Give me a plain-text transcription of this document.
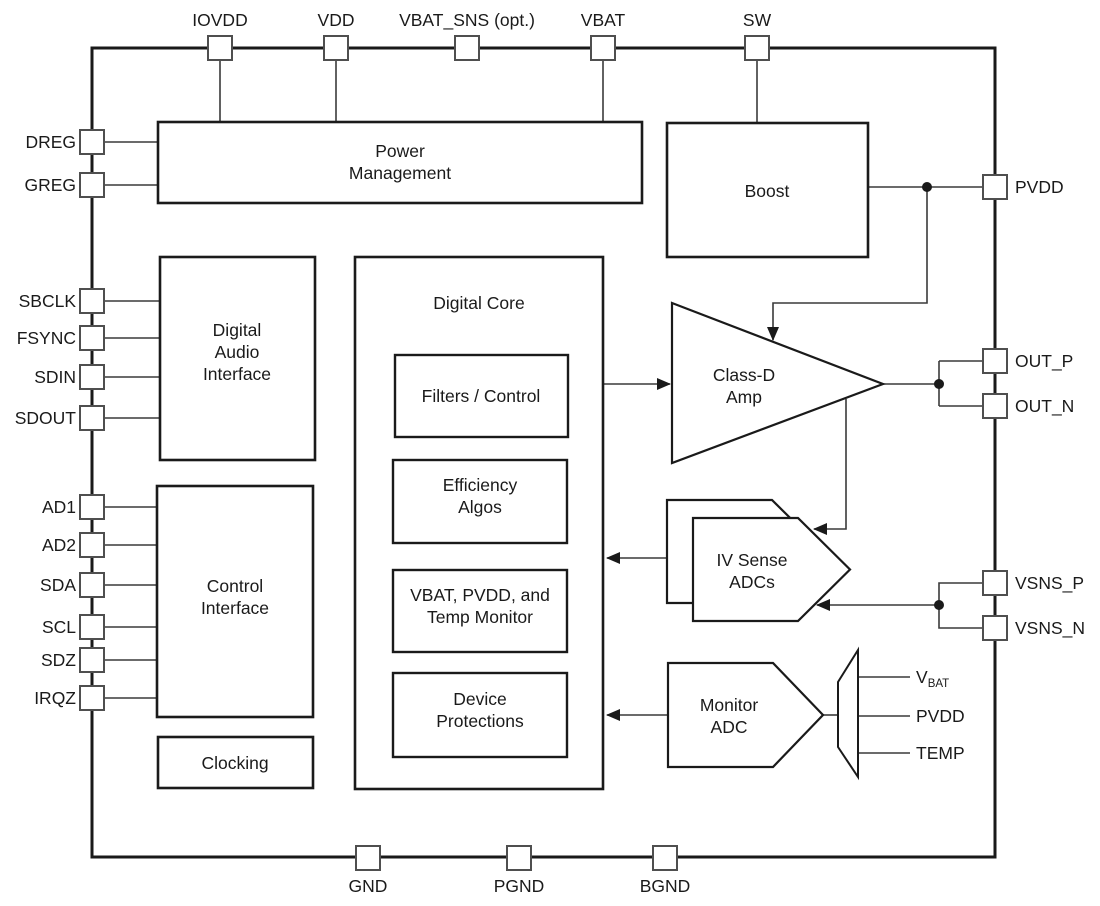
Power
Management
Boost
Digital
Audio
Interface
Control
Interface
Clocking
Digital Core
Filters / Control
Efficiency
Algos
VBAT, PVDD, and
Temp Monitor
Device
Protections
Class-D
Amp
IV Sense
ADCs
Monitor
ADC
$V_{BAT}$
PVDD
TEMP
IOVDD	VDD	VBAT_SNS (opt.)	VBAT	SW
DREG
GREG
SBCLK
FSYNC
SDIN
SDOUT
AD1
AD2
SDA
SCL
SDZ
IRQZ
PVDD
OUT_P
OUT_N
VSNS_P
VSNS_N
GND	PGND	BGND
